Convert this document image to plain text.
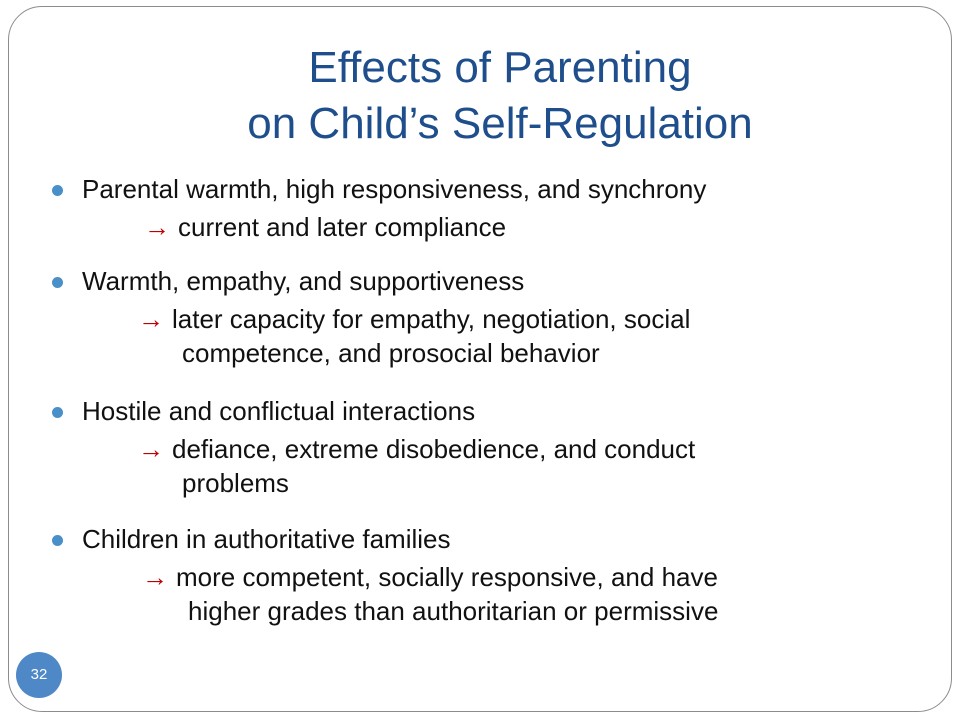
Effects of Parenting
on Child’s Self-Regulation
Parental warmth, high responsiveness, and synchrony
→ current and later compliance
Warmth, empathy, and supportiveness
→ later capacity for empathy, negotiation, social
competence, and prosocial behavior
Hostile and conflictual interactions
→ defiance, extreme disobedience, and conduct
problems
Children in authoritative families
→ more competent, socially responsive, and have
higher grades than authoritarian or permissive
32
